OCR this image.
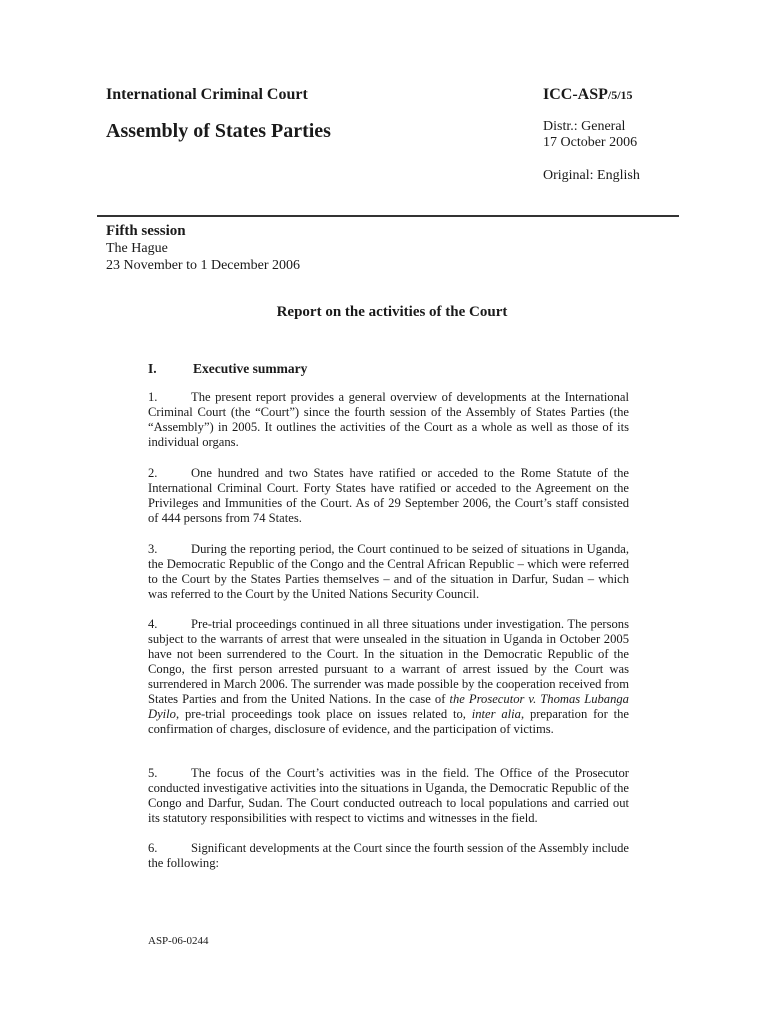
International Criminal Court	ICC-ASP/5/15
Assembly of States Parties	Distr.: General
17 October 2006
Original: English
Fifth session
The Hague
23 November to 1 December 2006
Report on the activities of the Court
I.	Executive summary
1.	The present report provides a general overview of developments at the International Criminal Court (the “Court”) since the fourth session of the Assembly of States Parties (the “Assembly”) in 2005. It outlines the activities of the Court as a whole as well as those of its individual organs.
2.	One hundred and two States have ratified or acceded to the Rome Statute of the International Criminal Court. Forty States have ratified or acceded to the Agreement on the Privileges and Immunities of the Court. As of 29 September 2006, the Court’s staff consisted of 444 persons from 74 States.
3.	During the reporting period, the Court continued to be seized of situations in Uganda, the Democratic Republic of the Congo and the Central African Republic – which were referred to the Court by the States Parties themselves – and of the situation in Darfur, Sudan – which was referred to the Court by the United Nations Security Council.
4.	Pre-trial proceedings continued in all three situations under investigation. The persons subject to the warrants of arrest that were unsealed in the situation in Uganda in October 2005 have not been surrendered to the Court. In the situation in the Democratic Republic of the Congo, the first person arrested pursuant to a warrant of arrest issued by the Court was surrendered in March 2006. The surrender was made possible by the cooperation received from States Parties and from the United Nations. In the case of the Prosecutor v. Thomas Lubanga Dyilo, pre-trial proceedings took place on issues related to, inter alia, preparation for the confirmation of charges, disclosure of evidence, and the participation of victims.
5.	The focus of the Court’s activities was in the field. The Office of the Prosecutor conducted investigative activities into the situations in Uganda, the Democratic Republic of the Congo and Darfur, Sudan. The Court conducted outreach to local populations and carried out its statutory responsibilities with respect to victims and witnesses in the field.
6.	Significant developments at the Court since the fourth session of the Assembly include the following:
ASP-06-0244
